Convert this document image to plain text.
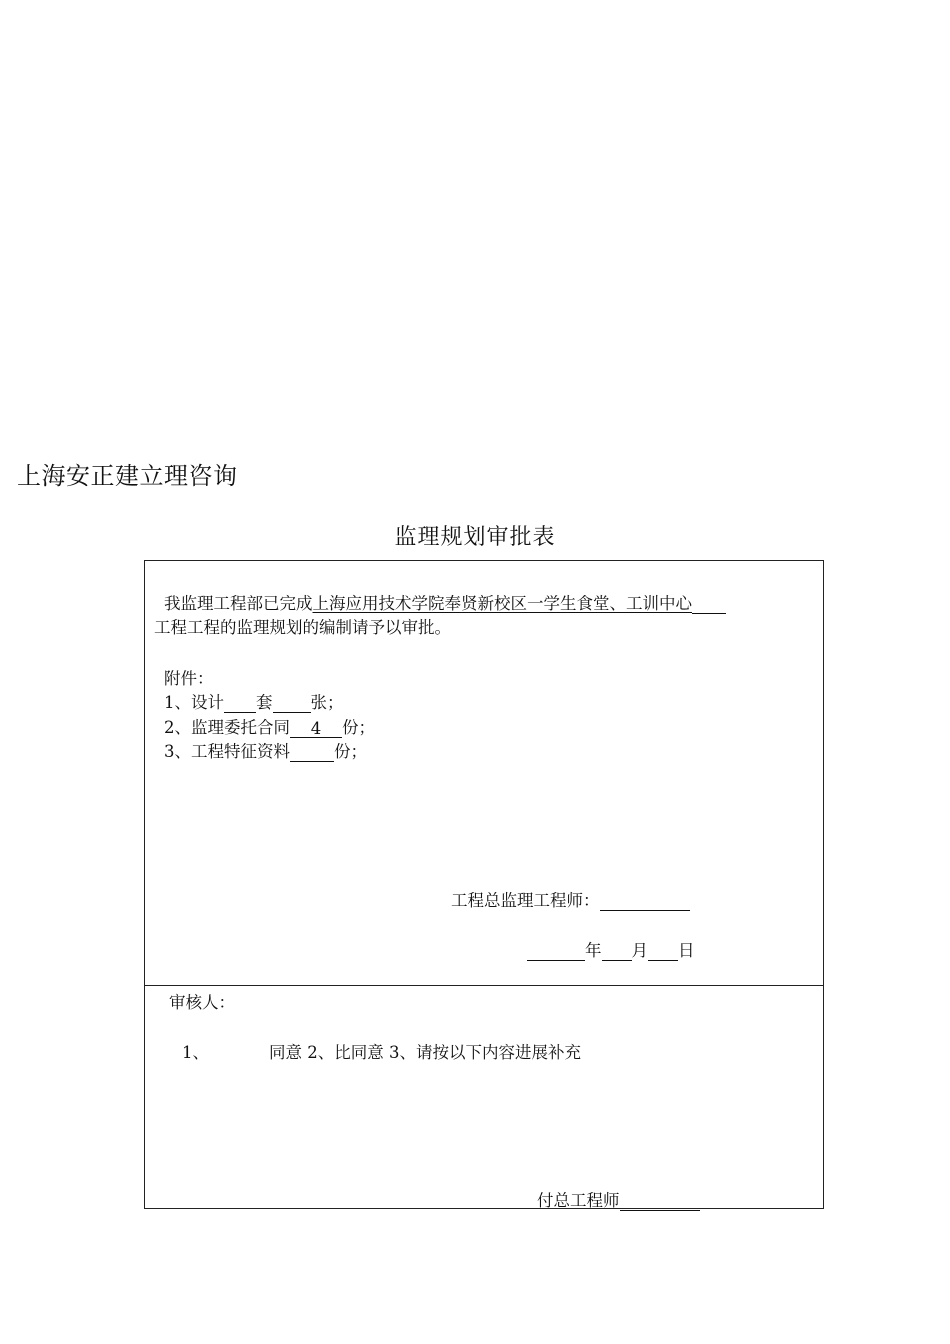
上海安正建立理咨询
监理规划审批表
我监理工程部已完成上海应用技术学院奉贤新校区一学生食堂、工训中心
工程工程的监理规划的编制请予以审批。
附件：
1、设计 套 张；
2、监理委托合同 4 份；
3、工程特征资料	份；
工程总监理工程师：
年 月 日
审核人：
1、	同意 2、比同意 3、请按以下内容进展补充
付总工程师
